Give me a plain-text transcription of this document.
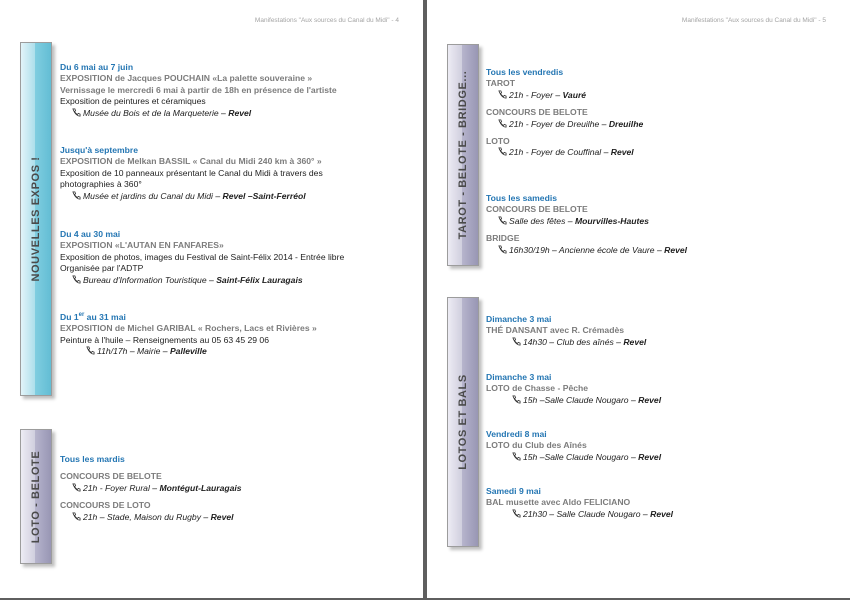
Manifestations "Aux sources du Canal du Midi" - 4
NOUVELLES EXPOS !
LOTO - BELOTE
Du 6 mai au 7 juin
EXPOSITION de Jacques POUCHAIN «La palette souveraine »
Vernissage le mercredi 6 mai à partir de 18h en présence de l'artiste
Exposition de peintures et céramiques
Musée du Bois et de la Marqueterie – Revel
Jusqu'à septembre
EXPOSITION de Melkan BASSIL « Canal du Midi 240 km à 360° »
Exposition de 10 panneaux présentant le Canal du Midi à travers des
photographies à 360°
Musée et jardins du Canal du Midi – Revel –Saint-Ferréol
Du 4 au 30 mai
EXPOSITION «L'AUTAN EN FANFARES»
Exposition de photos, images du Festival de Saint-Félix 2014 - Entrée libre
Organisée par l'ADTP
Bureau d'Information Touristique – Saint-Félix Lauragais
Du 1er au 31 mai
EXPOSITION de Michel GARIBAL « Rochers, Lacs et Rivières »
Peinture à l'huile – Renseignements au 05 63 45 29 06
11h/17h – Mairie – Palleville
Tous les mardis
CONCOURS DE BELOTE
21h - Foyer Rural – Montégut-Lauragais
CONCOURS DE LOTO
21h – Stade, Maison du Rugby – Revel
Manifestations "Aux sources du Canal du Midi" - 5
TAROT - BELOTE - BRIDGE...
LOTOS ET BALS
Tous les vendredis
TAROT
21h - Foyer – Vauré
CONCOURS DE BELOTE
21h - Foyer de Dreuilhe – Dreuilhe
LOTO
21h - Foyer de Couffinal – Revel
Tous les samedis
CONCOURS DE BELOTE
Salle des fêtes – Mourvilles-Hautes
BRIDGE
16h30/19h – Ancienne école de Vaure – Revel
Dimanche 3 mai
THÉ DANSANT avec R. Crémadès
14h30 – Club des aînés – Revel
Dimanche 3 mai
LOTO de Chasse - Pêche
15h –Salle Claude Nougaro – Revel
Vendredi 8 mai
LOTO du Club des Aînés
15h –Salle Claude Nougaro – Revel
Samedi 9 mai
BAL musette avec Aldo FELICIANO
21h30 – Salle Claude Nougaro – Revel
